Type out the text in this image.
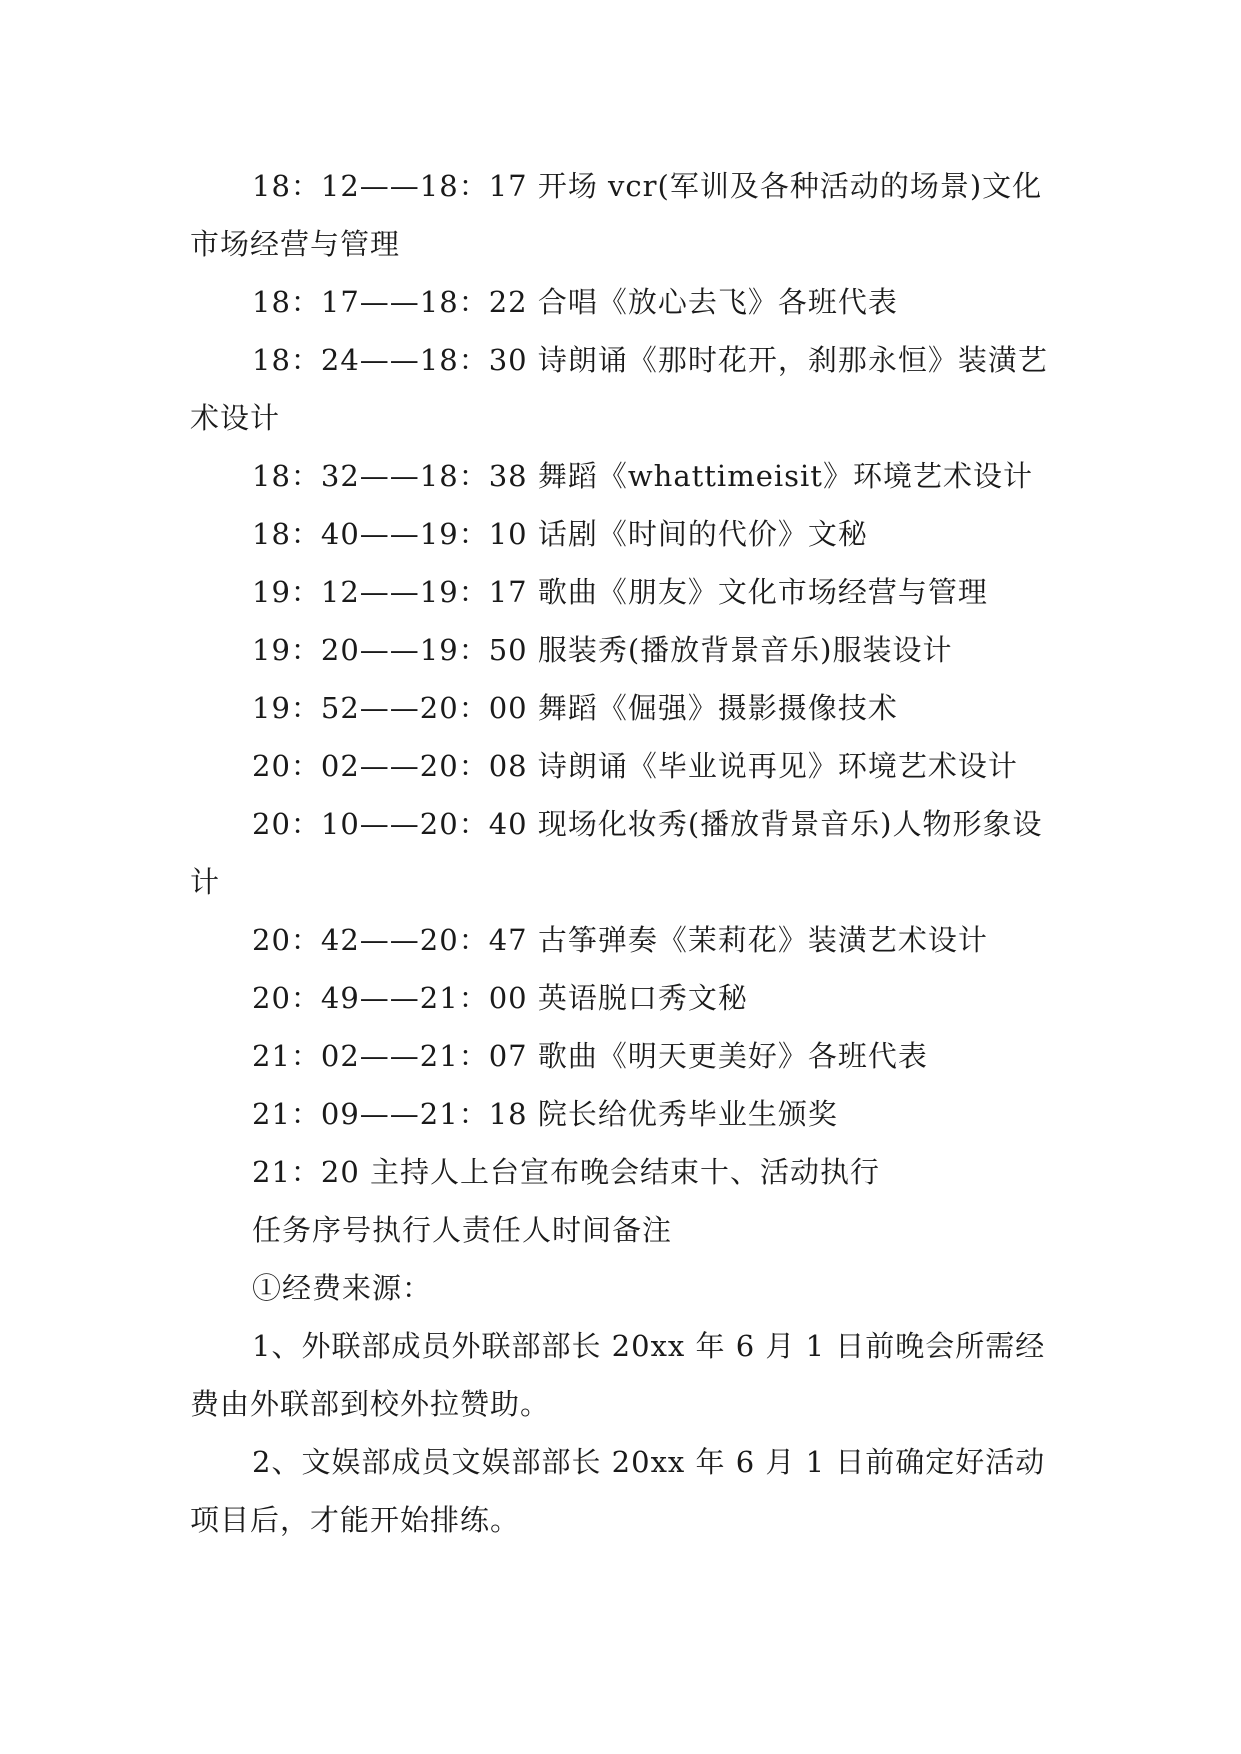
18：12——18：17 开场 vcr(军训及各种活动的场景)文化市场经营与管理

18：17——18：22 合唱《放心去飞》各班代表

18：24——18：30 诗朗诵《那时花开，刹那永恒》装潢艺术设计

18：32——18：38 舞蹈《whattimeisit》环境艺术设计

18：40——19：10 话剧《时间的代价》文秘

19：12——19：17 歌曲《朋友》文化市场经营与管理

19：20——19：50 服装秀(播放背景音乐)服装设计

19：52——20：00 舞蹈《倔强》摄影摄像技术

20：02——20：08 诗朗诵《毕业说再见》环境艺术设计

20：10——20：40 现场化妆秀(播放背景音乐)人物形象设计

20：42——20：47 古筝弹奏《茉莉花》装潢艺术设计

20：49——21：00 英语脱口秀文秘

21：02——21：07 歌曲《明天更美好》各班代表

21：09——21：18 院长给优秀毕业生颁奖

21：20 主持人上台宣布晚会结束十、活动执行

任务序号执行人责任人时间备注

①经费来源：

1、外联部成员外联部部长 20xx 年 6 月 1 日前晚会所需经费由外联部到校外拉赞助。

2、文娱部成员文娱部部长 20xx 年 6 月 1 日前确定好活动项目后，才能开始排练。
